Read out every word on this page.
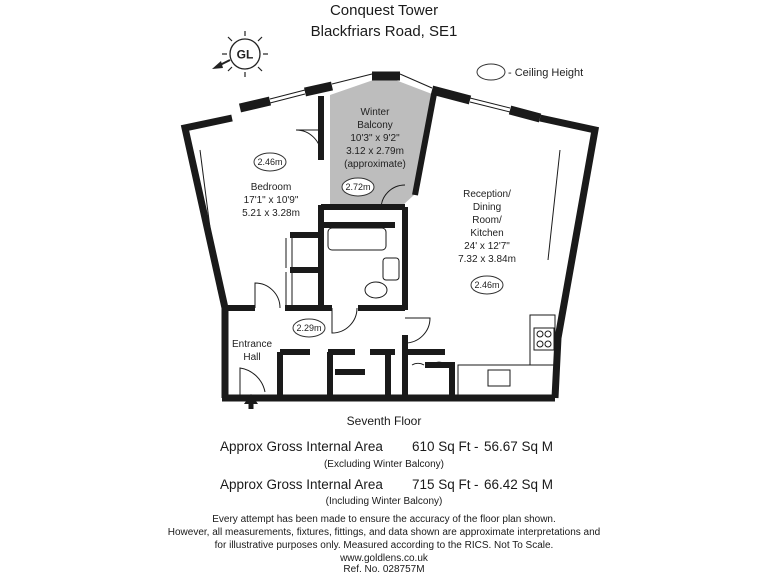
Conquest Tower
Blackfriars Road, SE1
GL
- Ceiling Height
Winter
Balcony
10'3" x 9'2"
3.12 x 2.79m
(approximate)
2.72m
2.46m
Bedroom
17'1" x 10'9"
5.21 x 3.28m
Reception/
Dining
Room/
Kitchen
24' x 12'7"
7.32 x 3.84m
2.46m
2.29m
Entrance
Hall
Seventh Floor
Approx Gross Internal Area 610 Sq Ft - 56.67 Sq M
(Excluding Winter Balcony)
Approx Gross Internal Area 715 Sq Ft - 66.42 Sq M
(Including Winter Balcony)
Every attempt has been made to ensure the accuracy of the floor plan shown.
However, all measurements, fixtures, fittings, and data shown are approximate interpretations and
for illustrative purposes only. Measured according to the RICS. Not To Scale.
www.goldlens.co.uk
Ref. No. 028757M
